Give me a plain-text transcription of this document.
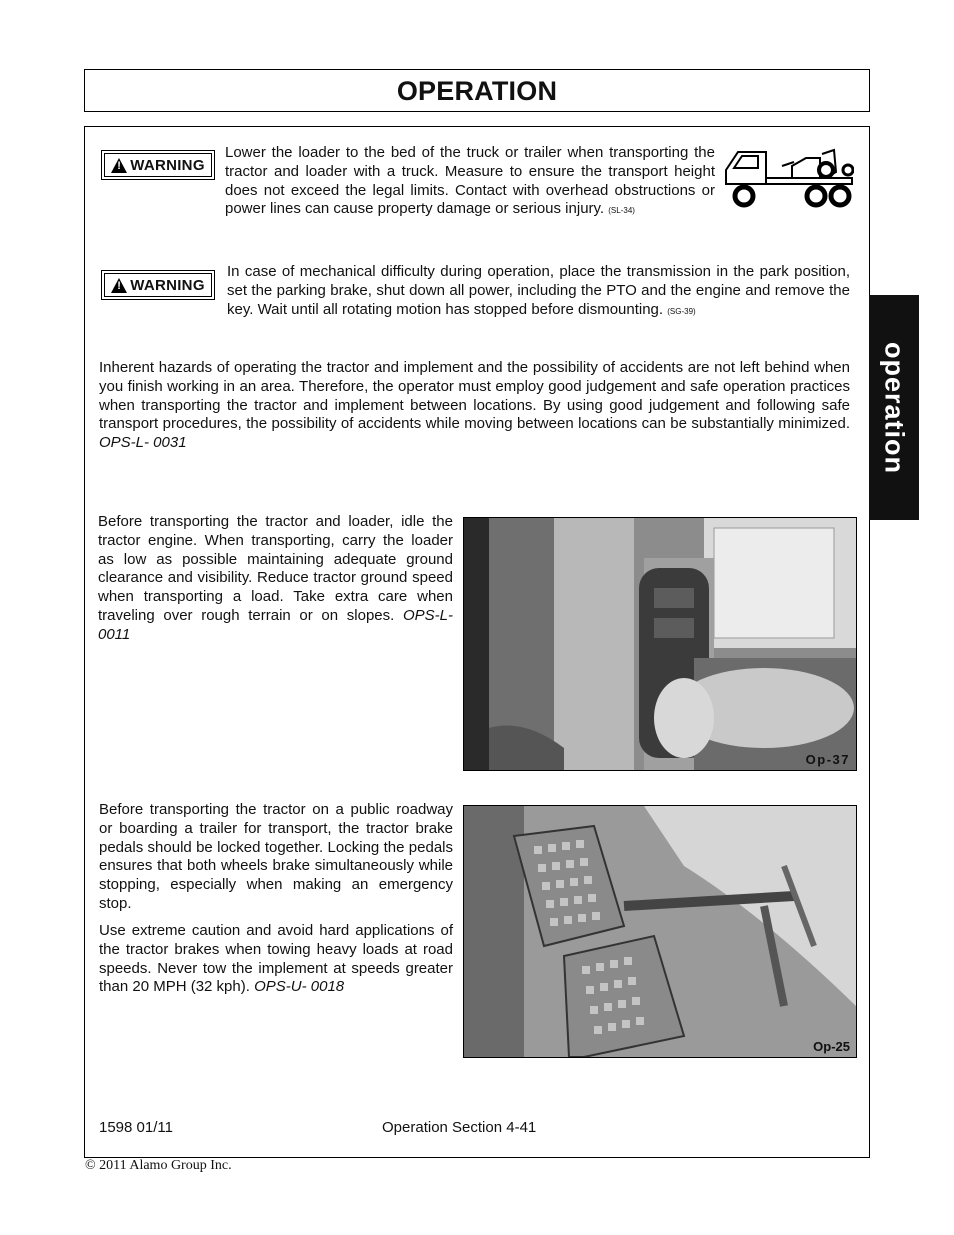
OPERATION
operation
! WARNING
Lower the loader to the bed of the truck or trailer when transporting the tractor and loader with a truck. Measure to ensure the transport height does not exceed the legal limits. Contact with overhead obstructions or power lines can cause property damage or serious injury. (SL-34)
! WARNING
In case of mechanical difficulty during operation, place the transmission in the park position, set the parking brake, shut down all power, including the PTO and the engine and remove the key. Wait until all rotating motion has stopped before dismounting. (SG-39)
Inherent hazards of operating the tractor and implement and the possibility of accidents are not left behind when you finish working in an area. Therefore, the operator must employ good judgement and safe operation practices when transporting the tractor and implement between locations. By using good judgement and following safe transport procedures, the possibility of accidents while moving between locations can be substantially minimized. OPS-L- 0031
Before transporting the tractor and loader, idle the tractor engine. When transporting, carry the loader as low as possible maintaining adequate ground clearance and visibility. Reduce tractor ground speed when transporting a load. Take extra care when traveling over rough terrain or on slopes. OPS-L-0011
Op-37
Before transporting the tractor on a public roadway or boarding a trailer for transport, the tractor brake pedals should be locked together. Locking the pedals ensures that both wheels brake simultaneously while stopping, especially when making an emergency stop.
Use extreme caution and avoid hard applications of the tractor brakes when towing heavy loads at road speeds. Never tow the implement at speeds greater than 20 MPH (32 kph). OPS-U- 0018
Op-25
1598 01/11	Operation Section 4-41
© 2011 Alamo Group Inc.
